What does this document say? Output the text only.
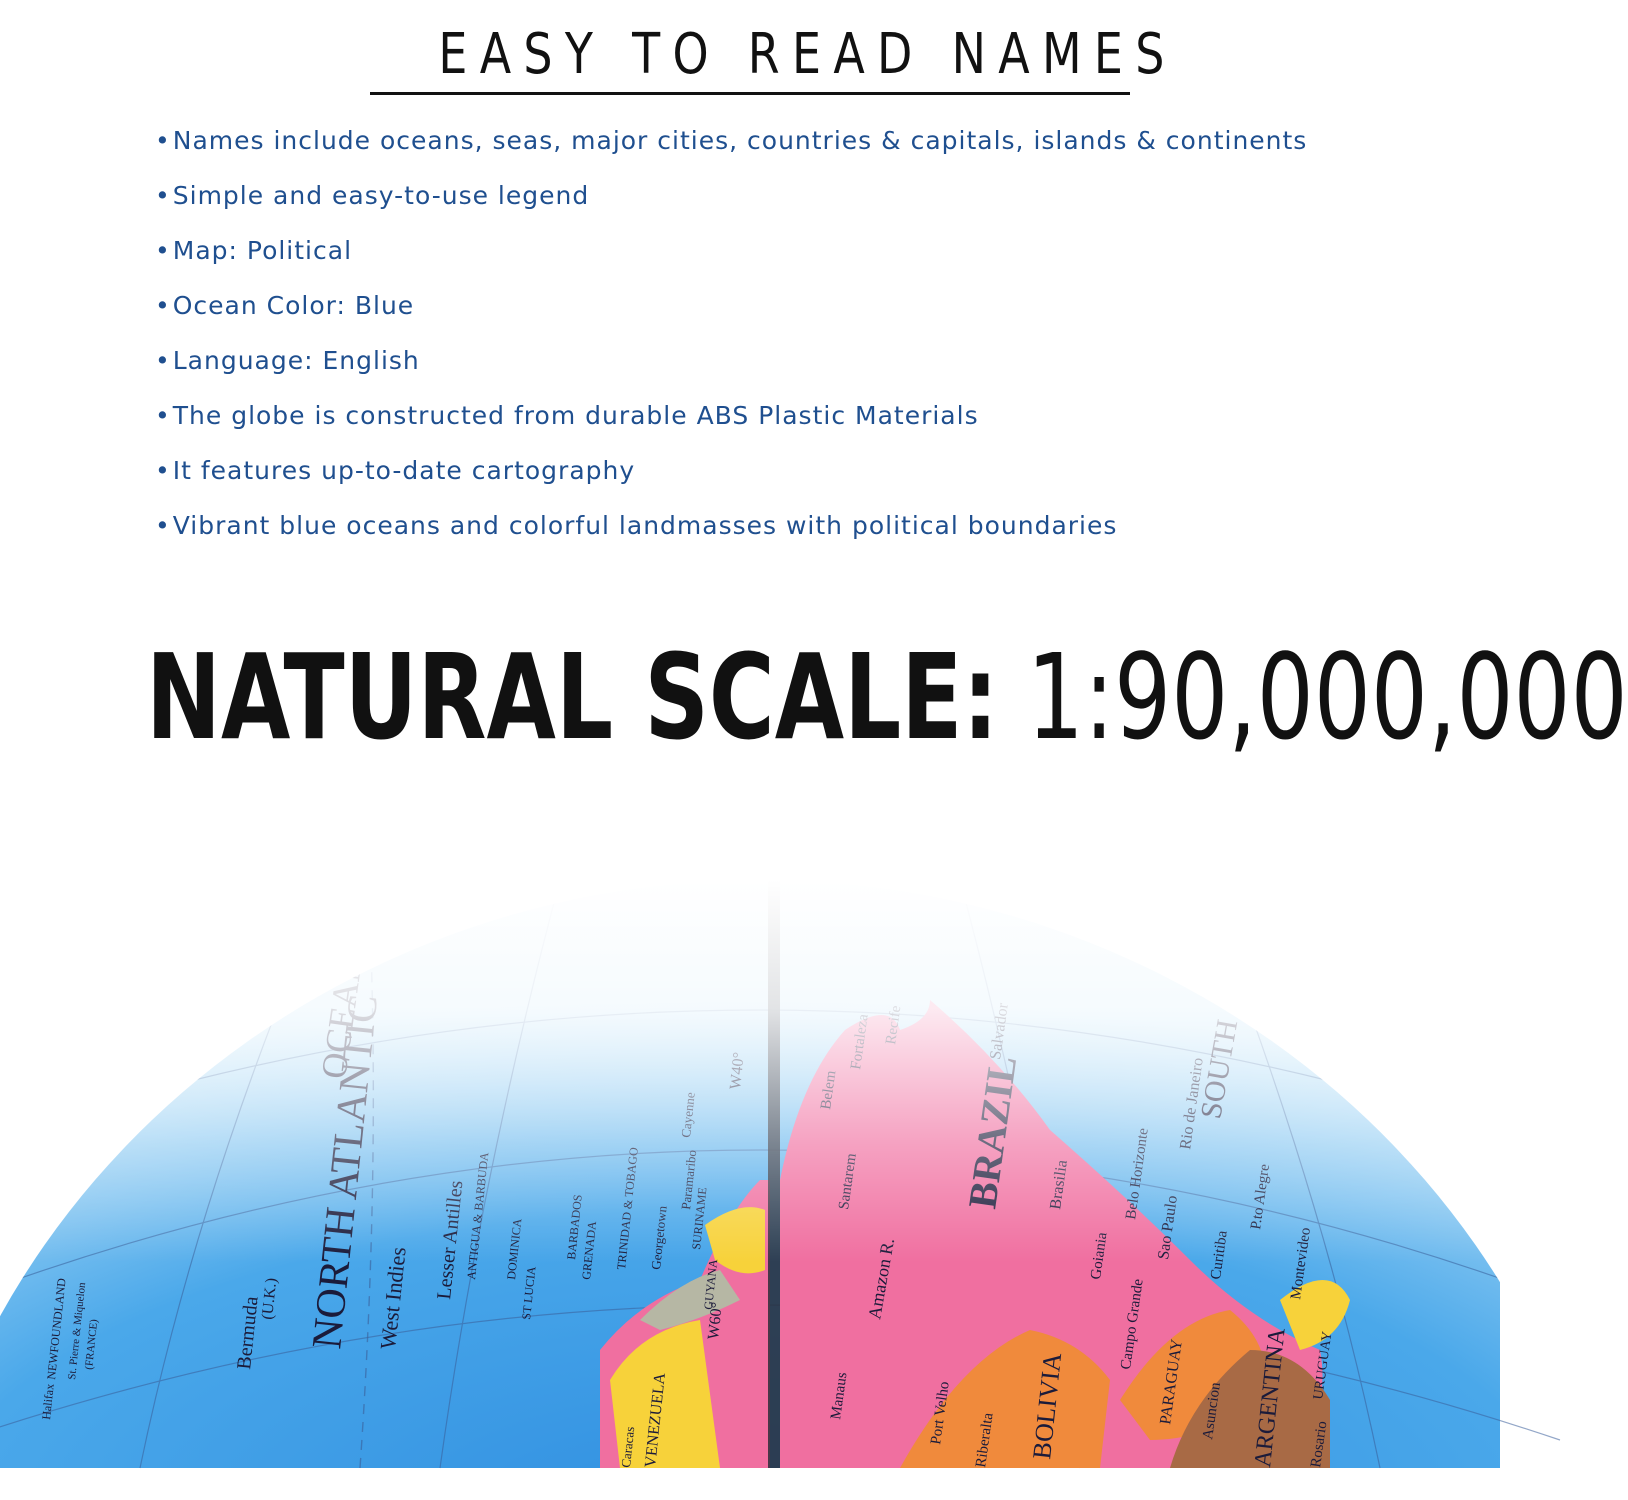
EASY TO READ NAMES
•Names include oceans, seas, major cities, countries & capitals, islands & continents
•Simple and easy-to-use legend
•Map: Political
•Ocean Color: Blue
•Language: English
•The globe is constructed from durable ABS Plastic Materials
•It features up-to-date cartography
•Vibrant blue oceans and colorful landmasses with political boundaries
NATURAL SCALE: 1:90,000,000
